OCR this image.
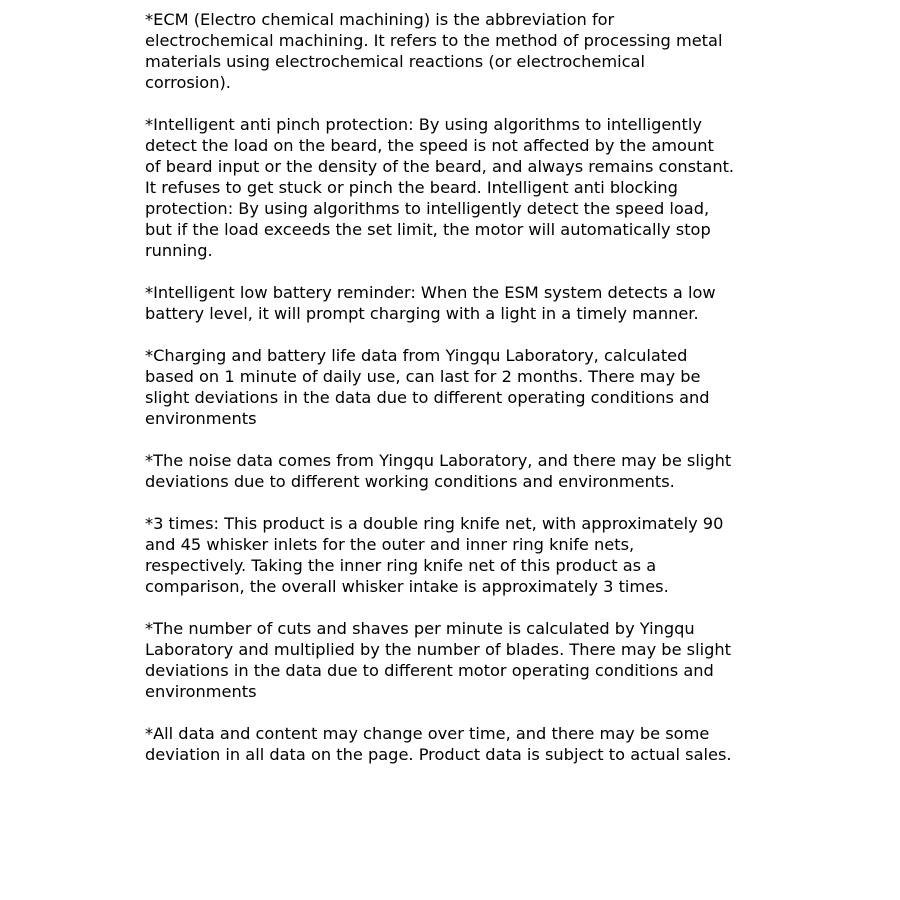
*ECM (Electro chemical machining) is the abbreviation for
electrochemical machining. It refers to the method of processing metal
materials using electrochemical reactions (or electrochemical
corrosion).

*Intelligent anti pinch protection: By using algorithms to intelligently
detect the load on the beard, the speed is not affected by the amount
of beard input or the density of the beard, and always remains constant.
It refuses to get stuck or pinch the beard. Intelligent anti blocking
protection: By using algorithms to intelligently detect the speed load,
but if the load exceeds the set limit, the motor will automatically stop
running.

*Intelligent low battery reminder: When the ESM system detects a low
battery level, it will prompt charging with a light in a timely manner.

*Charging and battery life data from Yingqu Laboratory, calculated
based on 1 minute of daily use, can last for 2 months. There may be
slight deviations in the data due to different operating conditions and
environments

*The noise data comes from Yingqu Laboratory, and there may be slight
deviations due to different working conditions and environments.

*3 times: This product is a double ring knife net, with approximately 90
and 45 whisker inlets for the outer and inner ring knife nets,
respectively. Taking the inner ring knife net of this product as a
comparison, the overall whisker intake is approximately 3 times.

*The number of cuts and shaves per minute is calculated by Yingqu
Laboratory and multiplied by the number of blades. There may be slight
deviations in the data due to different motor operating conditions and
environments

*All data and content may change over time, and there may be some
deviation in all data on the page. Product data is subject to actual sales.
